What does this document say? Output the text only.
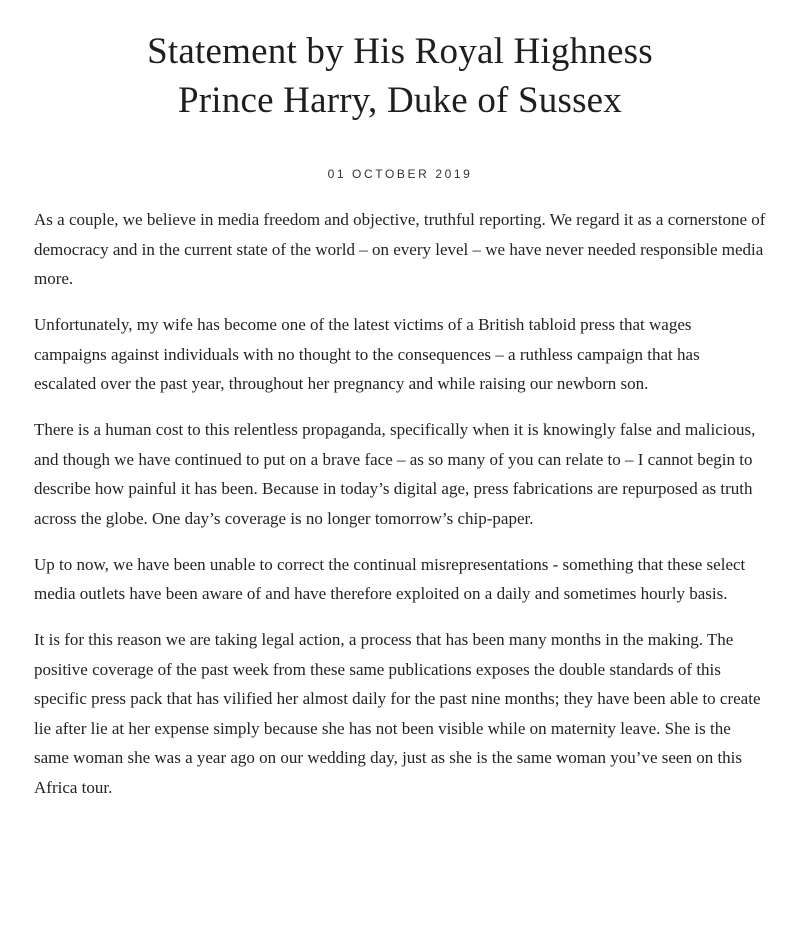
Statement by His Royal Highness
Prince Harry, Duke of Sussex
01 OCTOBER 2019

As a couple, we believe in media freedom and objective, truthful reporting. We regard it as a cornerstone of democracy and in the current state of the world – on every level – we have never needed responsible media more.

Unfortunately, my wife has become one of the latest victims of a British tabloid press that wages campaigns against individuals with no thought to the consequences – a ruthless campaign that has escalated over the past year, throughout her pregnancy and while raising our newborn son.

There is a human cost to this relentless propaganda, specifically when it is knowingly false and malicious, and though we have continued to put on a brave face – as so many of you can relate to – I cannot begin to describe how painful it has been. Because in today’s digital age, press fabrications are repurposed as truth across the globe. One day’s coverage is no longer tomorrow’s chip-paper.

Up to now, we have been unable to correct the continual misrepresentations - something that these select media outlets have been aware of and have therefore exploited on a daily and sometimes hourly basis.

It is for this reason we are taking legal action, a process that has been many months in the making. The positive coverage of the past week from these same publications exposes the double standards of this specific press pack that has vilified her almost daily for the past nine months; they have been able to create lie after lie at her expense simply because she has not been visible while on maternity leave. She is the same woman she was a year ago on our wedding day, just as she is the same woman you’ve seen on this Africa tour.
